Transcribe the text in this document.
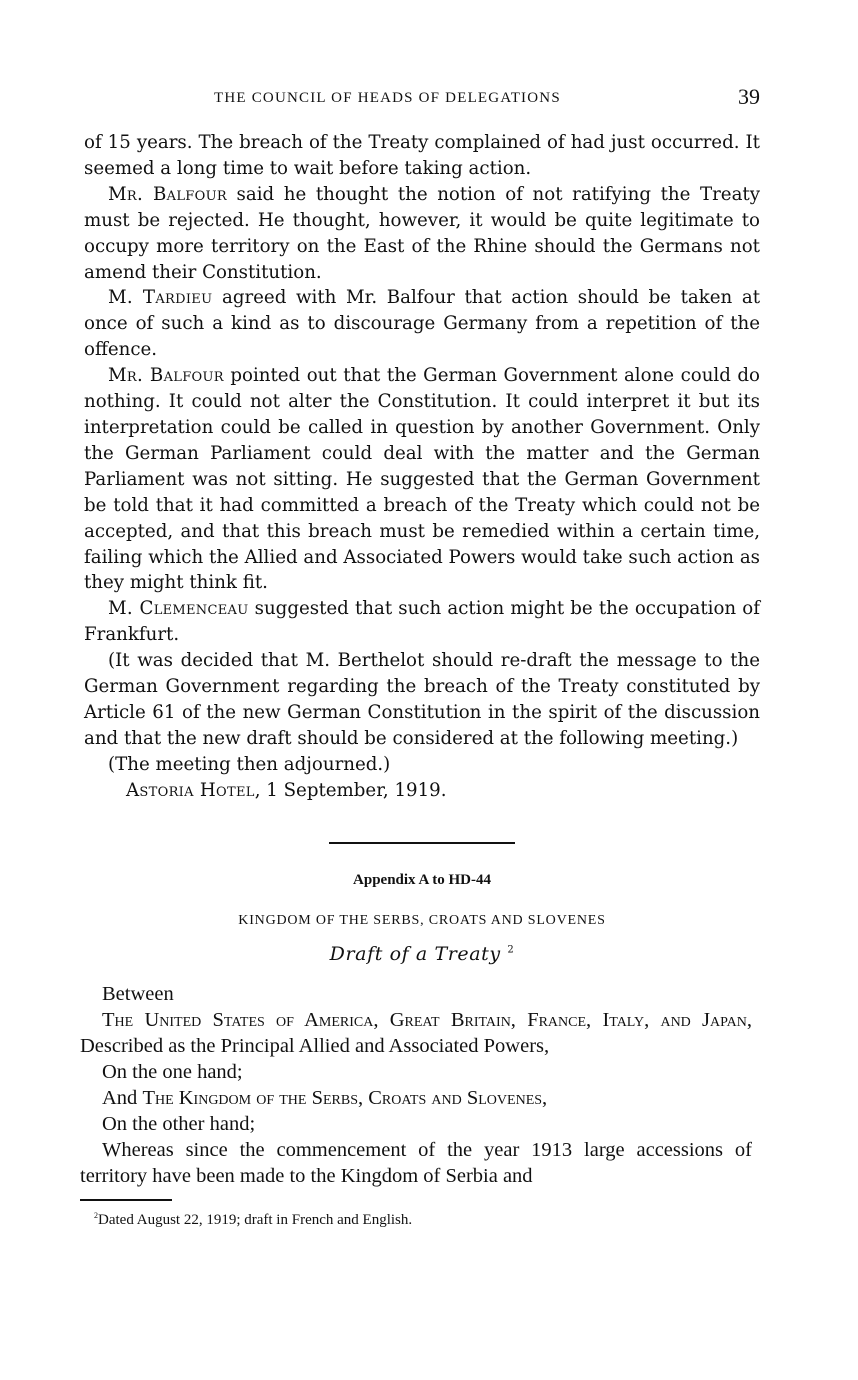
THE COUNCIL OF HEADS OF DELEGATIONS	39

of 15 years. The breach of the Treaty complained of had just occurred. It seemed a long time to wait before taking action.

Mr. Balfour said he thought the notion of not ratifying the Treaty must be rejected. He thought, however, it would be quite legitimate to occupy more territory on the East of the Rhine should the Germans not amend their Constitution.

M. Tardieu agreed with Mr. Balfour that action should be taken at once of such a kind as to discourage Germany from a repetition of the offence.

Mr. Balfour pointed out that the German Government alone could do nothing. It could not alter the Constitution. It could interpret it but its interpretation could be called in question by another Government. Only the German Parliament could deal with the matter and the German Parliament was not sitting. He suggested that the German Government be told that it had committed a breach of the Treaty which could not be accepted, and that this breach must be remedied within a certain time, failing which the Allied and Associated Powers would take such action as they might think fit.

M. Clemenceau suggested that such action might be the occupation of Frankfurt.

(It was decided that M. Berthelot should re-draft the message to the German Government regarding the breach of the Treaty constituted by Article 61 of the new German Constitution in the spirit of the discussion and that the new draft should be considered at the following meeting.)

(The meeting then adjourned.)

Astoria Hotel, 1 September, 1919.

Appendix A to HD-44
KINGDOM OF THE SERBS, CROATS AND SLOVENES
Draft of a Treaty $^2$

Between

The United States of America, Great Britain, France, Italy, and Japan, Described as the Principal Allied and Associated Powers,

On the one hand;

And The Kingdom of the Serbs, Croats and Slovenes,

On the other hand;

Whereas since the commencement of the year 1913 large accessions of territory have been made to the Kingdom of Serbia and

$^2$Dated August 22, 1919; draft in French and English.
